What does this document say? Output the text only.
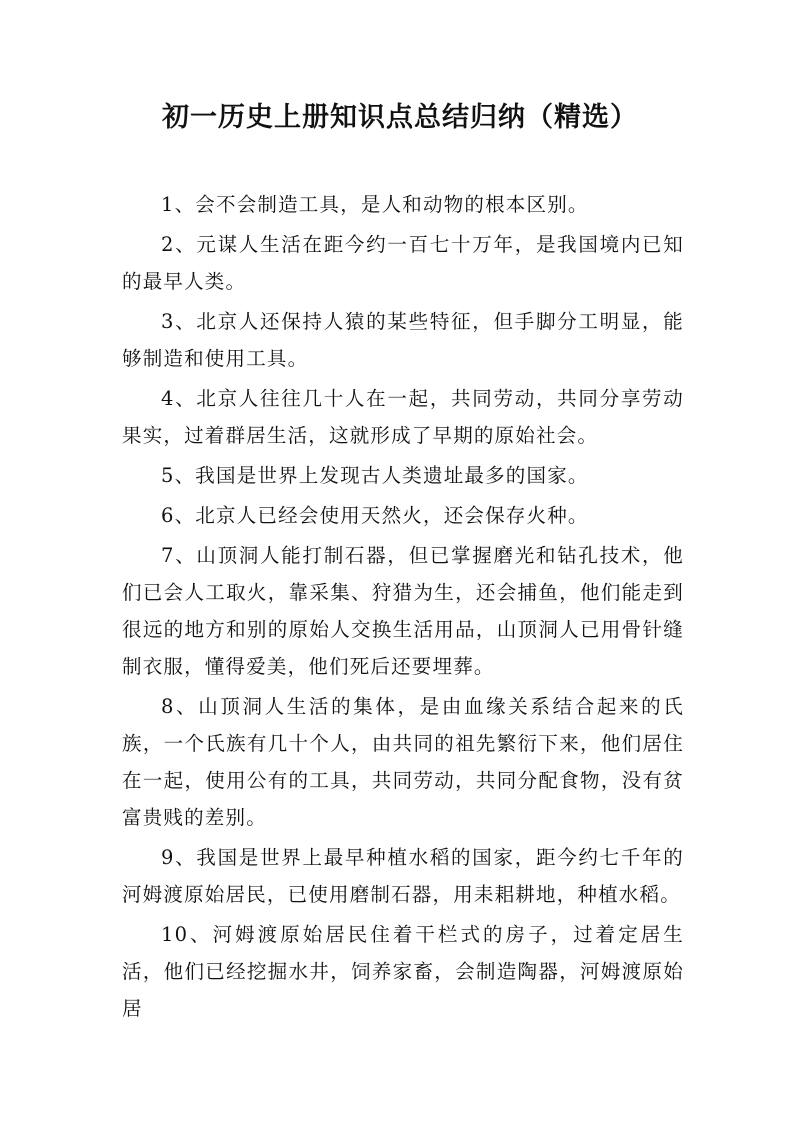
初一历史上册知识点总结归纳（精选）

1、会不会制造工具，是人和动物的根本区别。

2、元谋人生活在距今约一百七十万年，是我国境内已知的最早人类。

3、北京人还保持人猿的某些特征，但手脚分工明显，能够制造和使用工具。

4、北京人往往几十人在一起，共同劳动，共同分享劳动果实，过着群居生活，这就形成了早期的原始社会。

5、我国是世界上发现古人类遗址最多的国家。

6、北京人已经会使用天然火，还会保存火种。

7、山顶洞人能打制石器，但已掌握磨光和钻孔技术，他们已会人工取火，靠采集、狩猎为生，还会捕鱼，他们能走到很远的地方和别的原始人交换生活用品，山顶洞人已用骨针缝制衣服，懂得爱美，他们死后还要埋葬。

8、山顶洞人生活的集体，是由血缘关系结合起来的氏族，一个氏族有几十个人，由共同的祖先繁衍下来，他们居住在一起，使用公有的工具，共同劳动，共同分配食物，没有贫富贵贱的差别。

9、我国是世界上最早种植水稻的国家，距今约七千年的河姆渡原始居民，已使用磨制石器，用耒耜耕地，种植水稻。

10、河姆渡原始居民住着干栏式的房子，过着定居生活，他们已经挖掘水井，饲养家畜，会制造陶器，河姆渡原始居
